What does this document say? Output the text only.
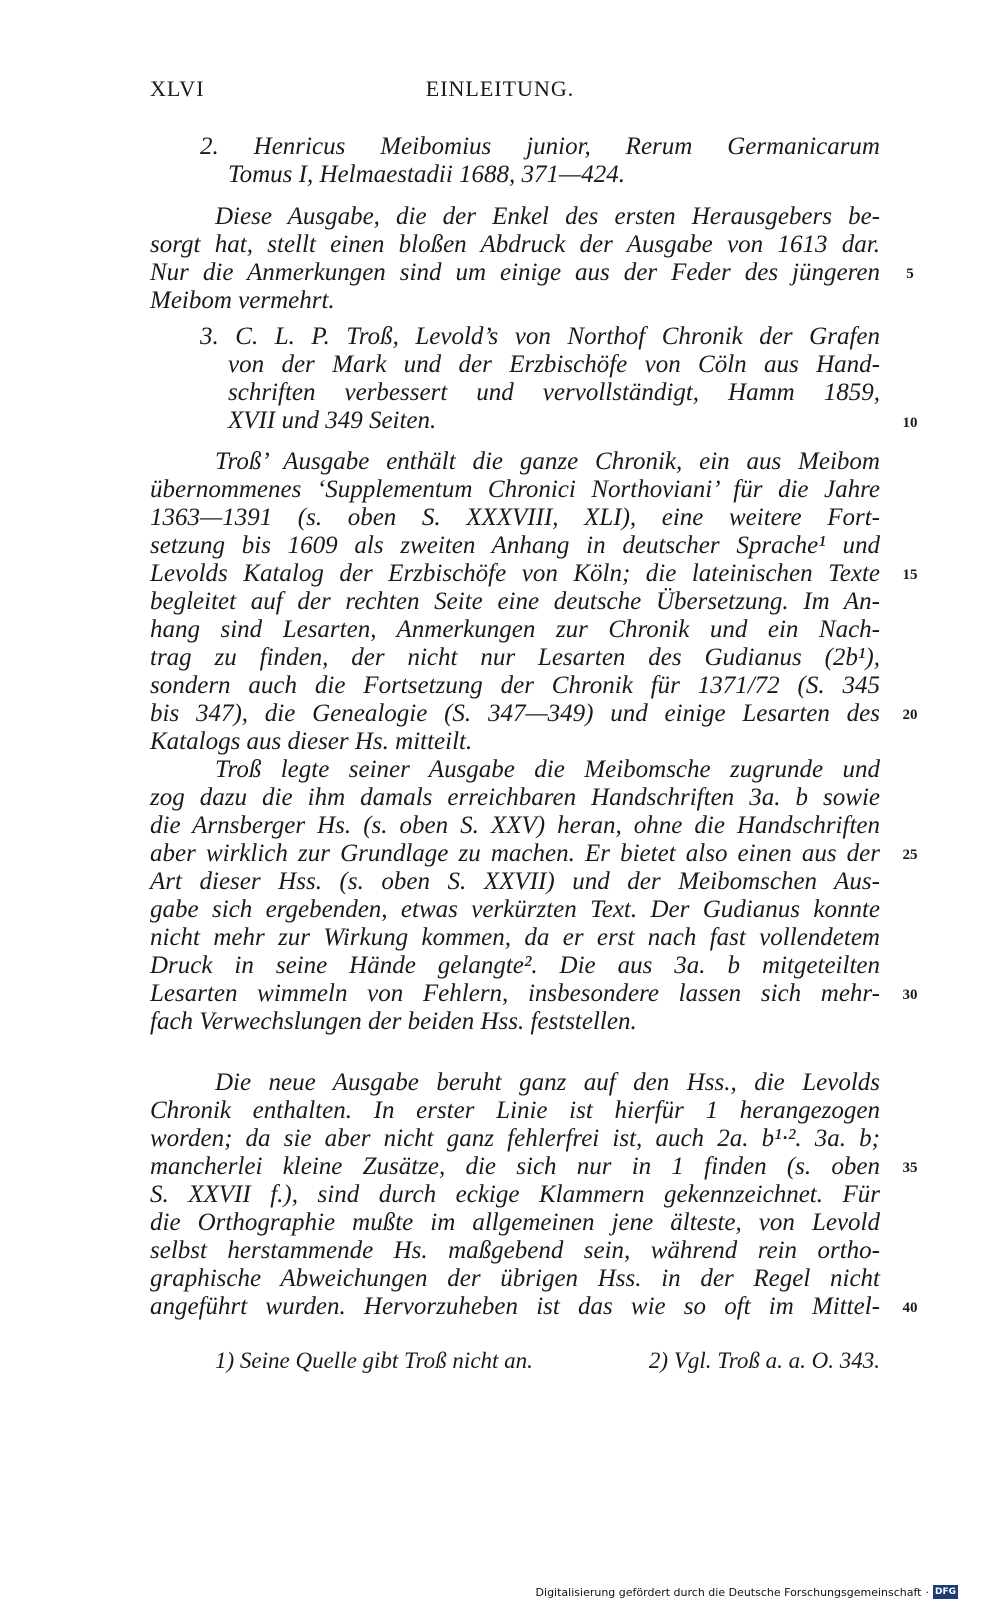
XLVI	EINLEITUNG.
2. Henricus Meibomius junior, Rerum Germanicarum
Tomus I, Helmaestadii 1688, 371—424.
Diese Ausgabe, die der Enkel des ersten Herausgebers be-
sorgt hat, stellt einen bloßen Abdruck der Ausgabe von 1613 dar.
Nur die Anmerkungen sind um einige aus der Feder des jüngeren
Meibom vermehrt.
3. C. L. P. Troß, Levold’s von Northof Chronik der Grafen
von der Mark und der Erzbischöfe von Cöln aus Hand-
schriften verbessert und vervollständigt, Hamm 1859,
XVII und 349 Seiten.
Troß’ Ausgabe enthält die ganze Chronik, ein aus Meibom
übernommenes ‘Supplementum Chronici Northoviani’ für die Jahre
1363—1391 (s. oben S. XXXVIII, XLI), eine weitere Fort-
setzung bis 1609 als zweiten Anhang in deutscher Sprache¹ und
Levolds Katalog der Erzbischöfe von Köln; die lateinischen Texte
begleitet auf der rechten Seite eine deutsche Übersetzung. Im An-
hang sind Lesarten, Anmerkungen zur Chronik und ein Nach-
trag zu finden, der nicht nur Lesarten des Gudianus (2b¹),
sondern auch die Fortsetzung der Chronik für 1371/72 (S. 345
bis 347), die Genealogie (S. 347—349) und einige Lesarten des
Katalogs aus dieser Hs. mitteilt.
Troß legte seiner Ausgabe die Meibomsche zugrunde und
zog dazu die ihm damals erreichbaren Handschriften 3a. b sowie
die Arnsberger Hs. (s. oben S. XXV) heran, ohne die Handschriften
aber wirklich zur Grundlage zu machen. Er bietet also einen aus der
Art dieser Hss. (s. oben S. XXVII) und der Meibomschen Aus-
gabe sich ergebenden, etwas verkürzten Text. Der Gudianus konnte
nicht mehr zur Wirkung kommen, da er erst nach fast vollendetem
Druck in seine Hände gelangte². Die aus 3a. b mitgeteilten
Lesarten wimmeln von Fehlern, insbesondere lassen sich mehr-
fach Verwechslungen der beiden Hss. feststellen.
Die neue Ausgabe beruht ganz auf den Hss., die Levolds
Chronik enthalten. In erster Linie ist hierfür 1 herangezogen
worden; da sie aber nicht ganz fehlerfrei ist, auch 2a. b¹·². 3a. b;
mancherlei kleine Zusätze, die sich nur in 1 finden (s. oben
S. XXVII f.), sind durch eckige Klammern gekennzeichnet. Für
die Orthographie mußte im allgemeinen jene älteste, von Levold
selbst herstammende Hs. maßgebend sein, während rein ortho-
graphische Abweichungen der übrigen Hss. in der Regel nicht
angeführt wurden. Hervorzuheben ist das wie so oft im Mittel-
5
10
15
20
25
30
35
40
1) Seine Quelle gibt Troß nicht an.	2) Vgl. Troß a. a. O. 343.
Digitalisierung gefördert durch die Deutsche Forschungsgemeinschaft · DFG
